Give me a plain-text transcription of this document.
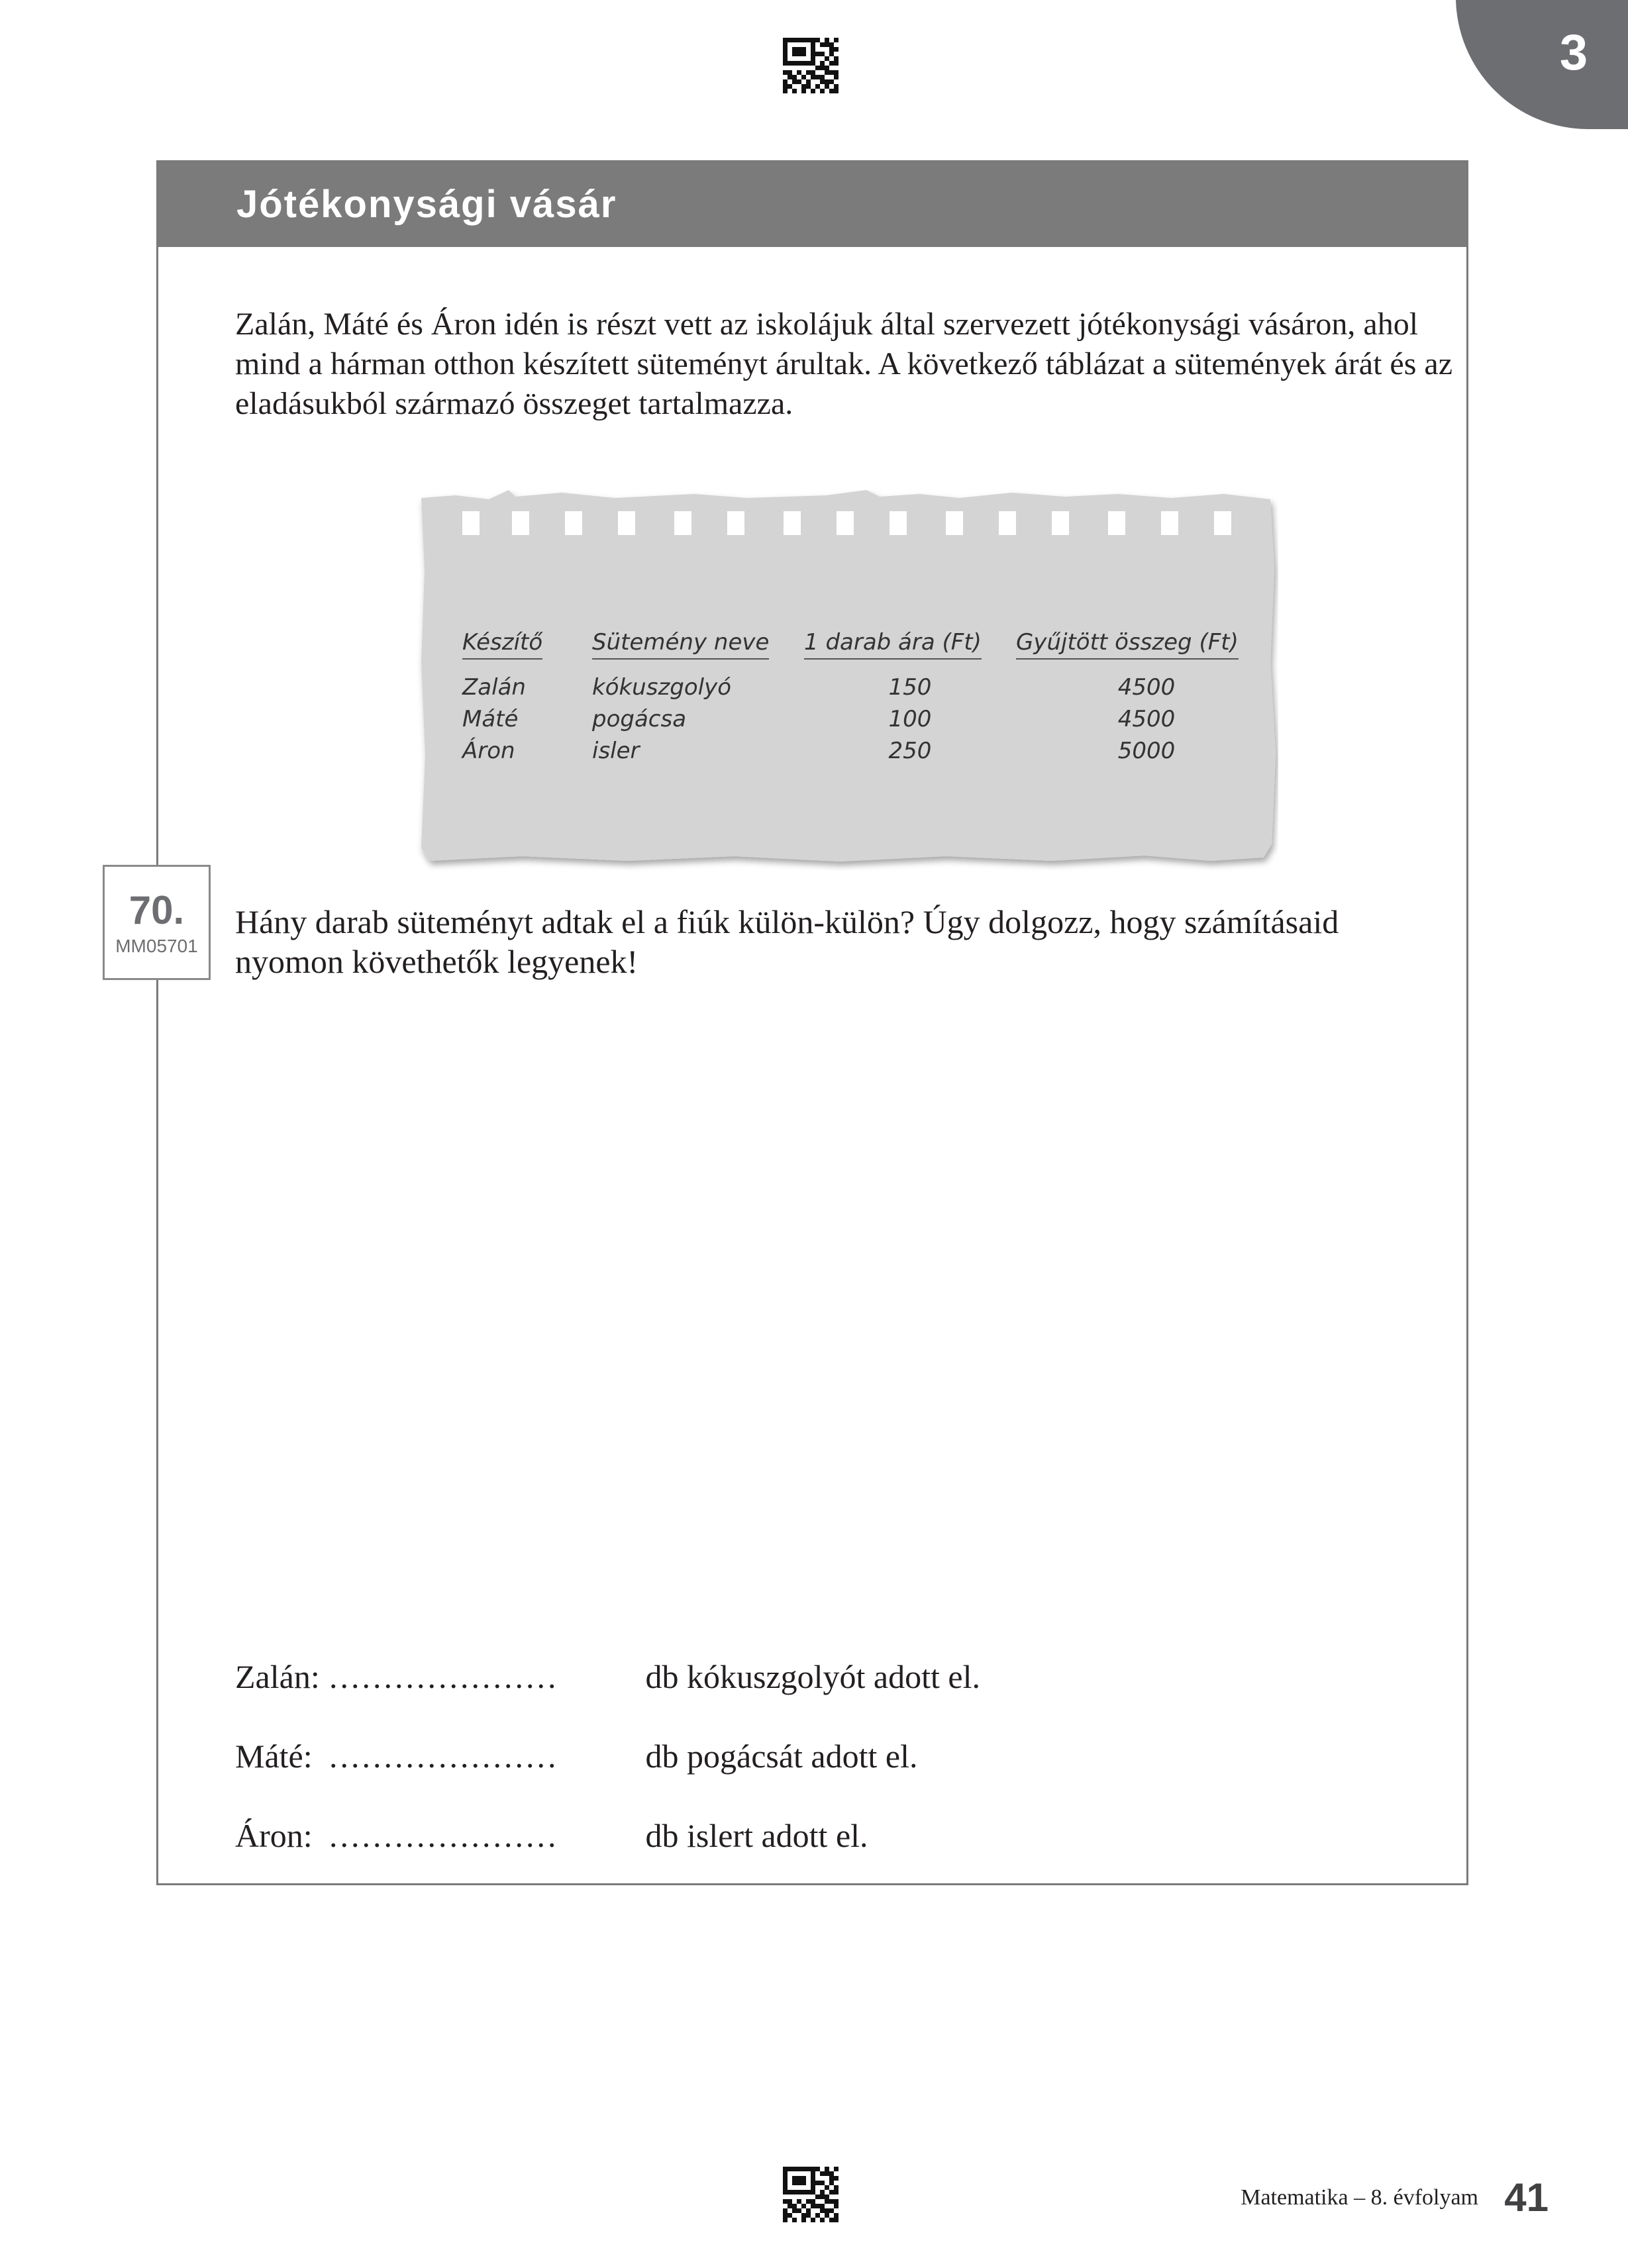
3
Jótékonysági vásár

Zalán, Máté és Áron idén is részt vett az iskolájuk által szervezett jótékonysági vásáron, ahol mind a hárman otthon készített süteményt árultak. A következő táblázat a sütemények árát és az eladásukból származó összeget tartalmazza.

Készítő	Sütemény neve	1 darab ára (Ft)	Gyűjtött összeg (Ft)
Zalán	kókuszgolyó	150	4500
Máté	pogácsa	100	4500
Áron	isler	250	5000
70.
MM05701

Hány darab süteményt adtak el a fiúk külön-külön? Úgy dolgozz, hogy számításaid nyomon követhetők legyenek!

Zalán: .....................	db kókuszgolyót adott el.
Máté: .....................	db pogácsát adott el.
Áron: .....................	db islert adott el.
Matematika – 8. évfolyam 41
